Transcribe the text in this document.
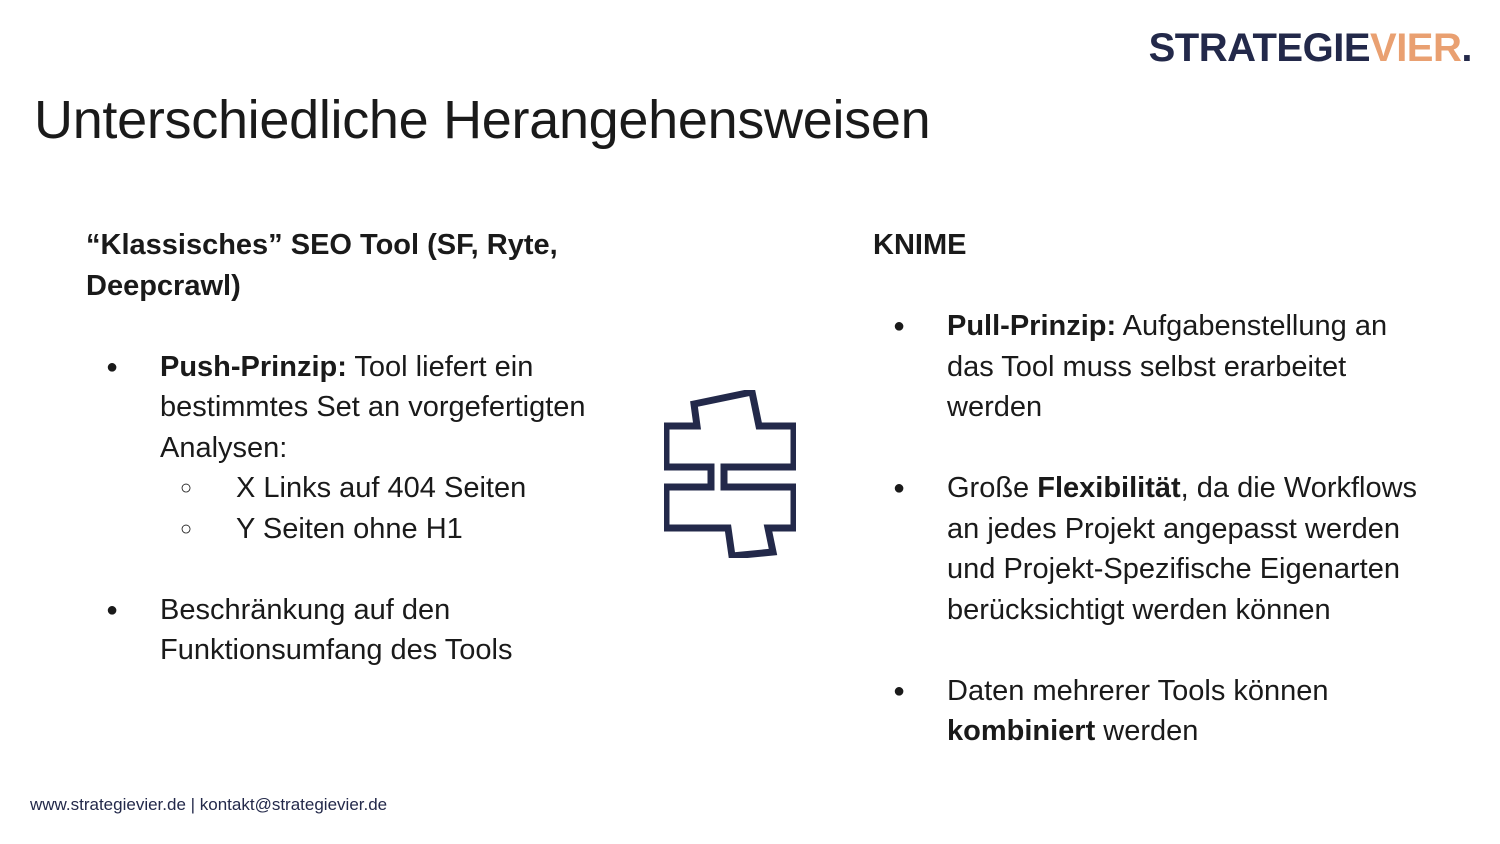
STRATEGIEVIER.
Unterschiedliche Herangehensweisen

“Klassisches” SEO Tool (SF, Ryte, Deepcrawl)

● Push-Prinzip: Tool liefert ein bestimmtes Set an vorgefertigten Analysen:
○ X Links auf 404 Seiten
○ Y Seiten ohne H1
● Beschränkung auf den Funktionsumfang des Tools

KNIME

● Pull-Prinzip: Aufgabenstellung an das Tool muss selbst erarbeitet werden
● Große Flexibilität, da die Workflows an jedes Projekt angepasst werden und Projekt-Spezifische Eigenarten berücksichtigt werden können
● Daten mehrerer Tools können kombiniert werden
www.strategievier.de | kontakt@strategievier.de
